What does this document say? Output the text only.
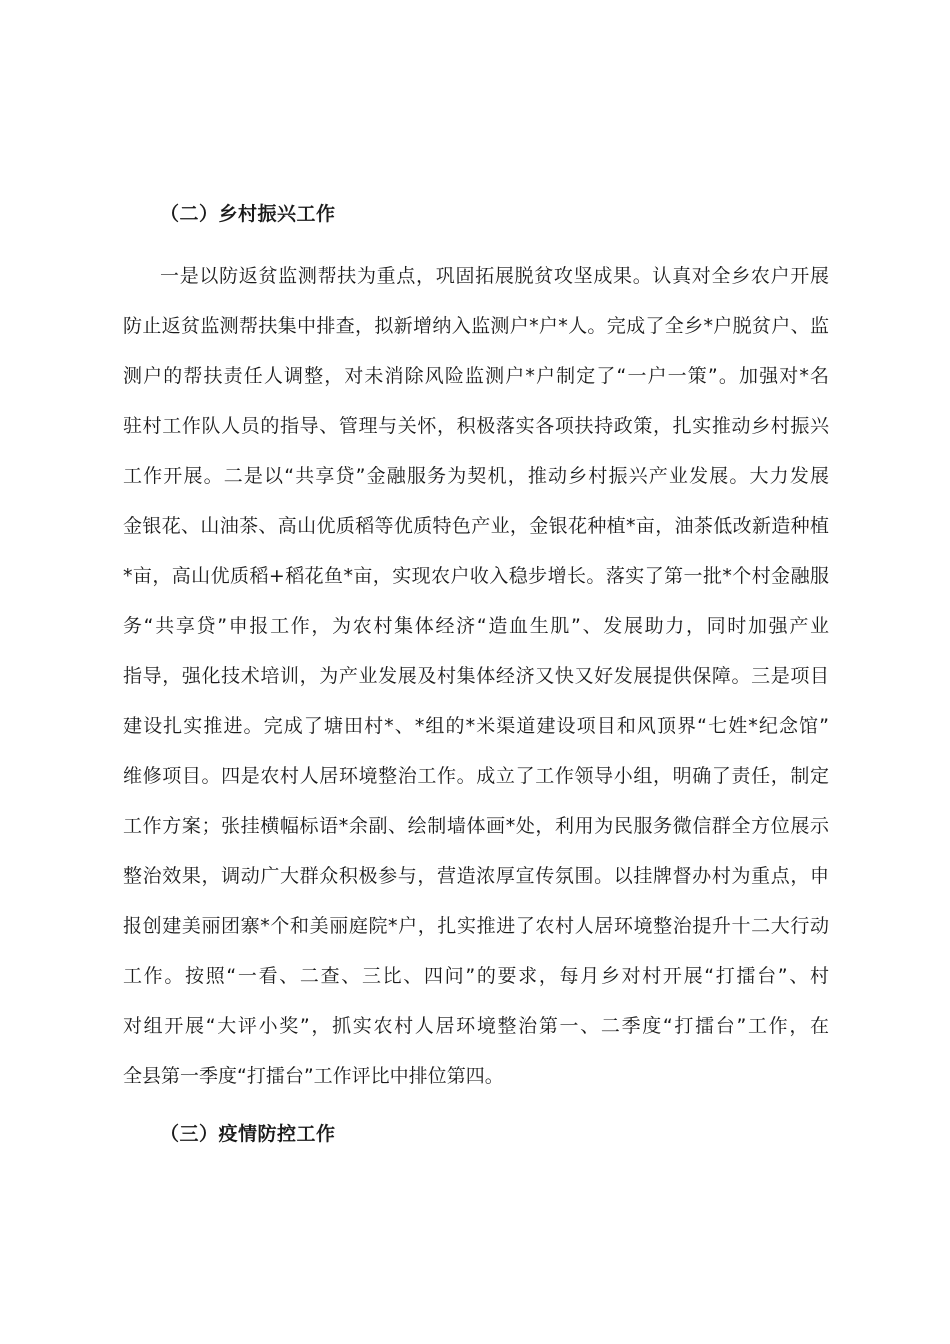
（二）乡村振兴工作
一是以防返贫监测帮扶为重点，巩固拓展脱贫攻坚成果。认真对全乡农户开展
防止返贫监测帮扶集中排查，拟新增纳入监测户*户*人。完成了全乡*户脱贫户、监
测户的帮扶责任人调整，对未消除风险监测户*户制定了“一户一策”。加强对*名
驻村工作队人员的指导、管理与关怀，积极落实各项扶持政策，扎实推动乡村振兴
工作开展。二是以“共享贷”金融服务为契机，推动乡村振兴产业发展。大力发展
金银花、山油茶、高山优质稻等优质特色产业，金银花种植*亩，油茶低改新造种植
*亩，高山优质稻+稻花鱼*亩，实现农户收入稳步增长。落实了第一批*个村金融服
务“共享贷”申报工作，为农村集体经济“造血生肌”、发展助力，同时加强产业
指导，强化技术培训，为产业发展及村集体经济又快又好发展提供保障。三是项目
建设扎实推进。完成了塘田村*、*组的*米渠道建设项目和风顶界“七姓*纪念馆”
维修项目。四是农村人居环境整治工作。成立了工作领导小组，明确了责任，制定
工作方案；张挂横幅标语*余副、绘制墙体画*处，利用为民服务微信群全方位展示
整治效果，调动广大群众积极参与，营造浓厚宣传氛围。以挂牌督办村为重点，申
报创建美丽团寨*个和美丽庭院*户，扎实推进了农村人居环境整治提升十二大行动
工作。按照“一看、二查、三比、四问”的要求，每月乡对村开展“打擂台”、村
对组开展“大评小奖”，抓实农村人居环境整治第一、二季度“打擂台”工作，在
全县第一季度“打擂台”工作评比中排位第四。
（三）疫情防控工作
